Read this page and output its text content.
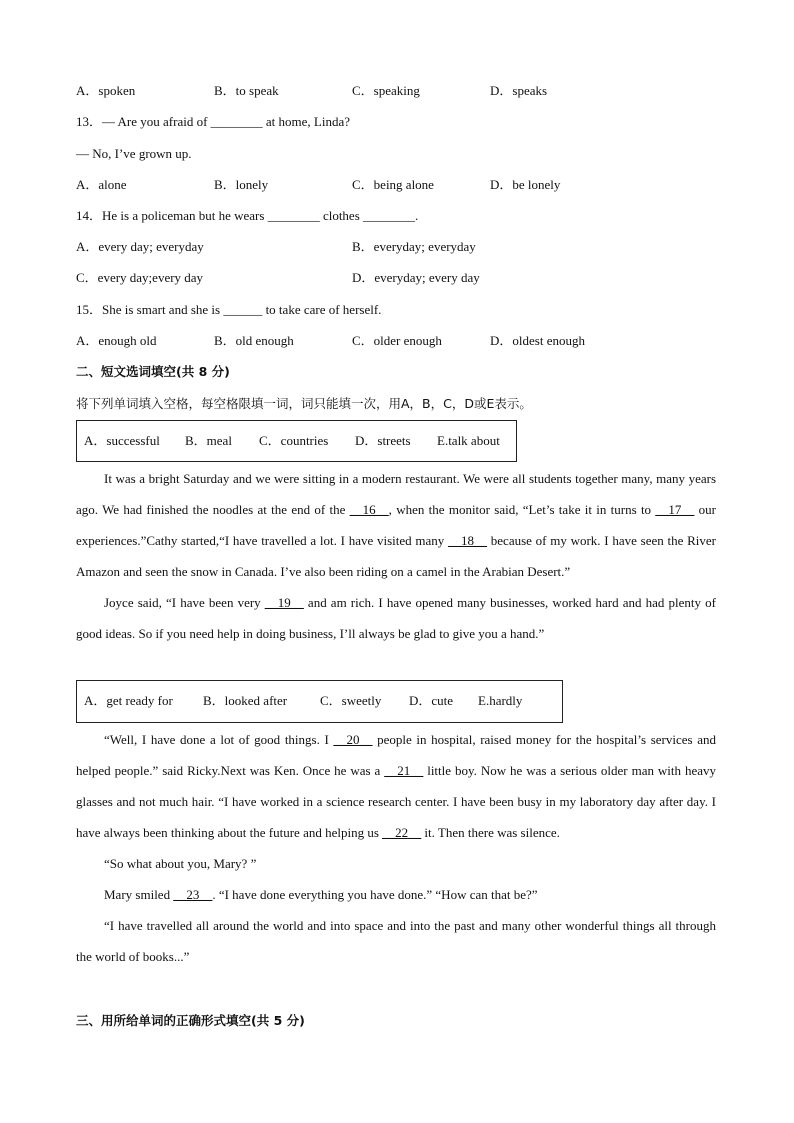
A．spoken	B．to speak	C．speaking	D．speaks
13．— Are you afraid of ________ at home, Linda?
— No, I’ve grown up.
A．alone	B．lonely	C．being alone	D．be lonely
14．He is a policeman but he wears ________ clothes ________.
A．every day; everyday	B．everyday; everyday
C．every day;every day	D．everyday; every day
15．She is smart and she is ______ to take care of herself.
A．enough old	B．old enough	C．older enough	D．oldest enough
二、短文选词填空(共 8 分)
将下列单词填入空格，每空格限填一词，词只能填一次，用A，B，C，D或E表示。
A．successful B．meal C．countries D．streets E.talk about
It was a bright Saturday and we were sitting in a modern restaurant. We were all students together many, many years ago. We had finished the noodles at the end of the __16__, when the monitor said, “Let’s take it in turns to __17__ our experiences.”Cathy started,“I have travelled a lot. I have visited many __18__ because of my work. I have seen the River Amazon and seen the snow in Canada. I’ve also been riding on a camel in the Arabian Desert.”
Joyce said, “I have been very __19__ and am rich. I have opened many businesses, worked hard and had plenty of good ideas. So if you need help in doing business, I’ll always be glad to give you a hand.”
A．get ready for B．looked after	C．sweetly D．cute E.hardly
“Well, I have done a lot of good things. I __20__ people in hospital, raised money for the hospital’s services and helped people.” said Ricky.Next was Ken. Once he was a __21__ little boy. Now he was a serious older man with heavy glasses and not much hair. “I have worked in a science research center. I have been busy in my laboratory day after day. I have always been thinking about the future and helping us __22__ it. Then there was silence.
“So what about you, Mary? ”
Mary smiled __23__. “I have done everything you have done.” “How can that be?”
“I have travelled all around the world and into space and into the past and many other wonderful things all through the world of books...”
三、用所给单词的正确形式填空(共 5 分)
